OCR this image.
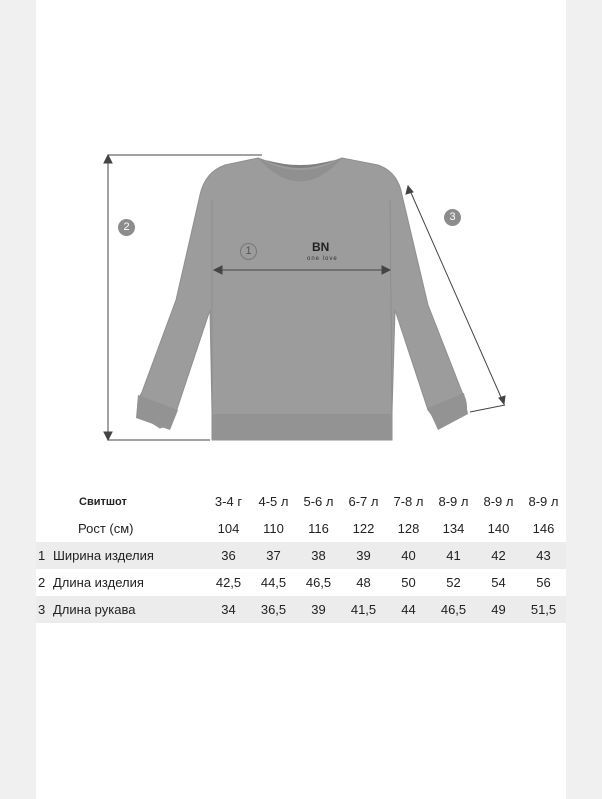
BN
one love
2
1
3
Свитшот	3-4 г	4-5 л	5-6 л	6-7 л	7-8 л	8-9 л	8-9 л	8-9 л
Рост (см)	104	110	116	122	128	134	140	146
1 Ширина изделия	36	37	38	39	40	41	42	43
2 Длина изделия	42,5	44,5	46,5	48	50	52	54	56
3 Длина рукава	34	36,5	39	41,5	44	46,5	49	51,5
